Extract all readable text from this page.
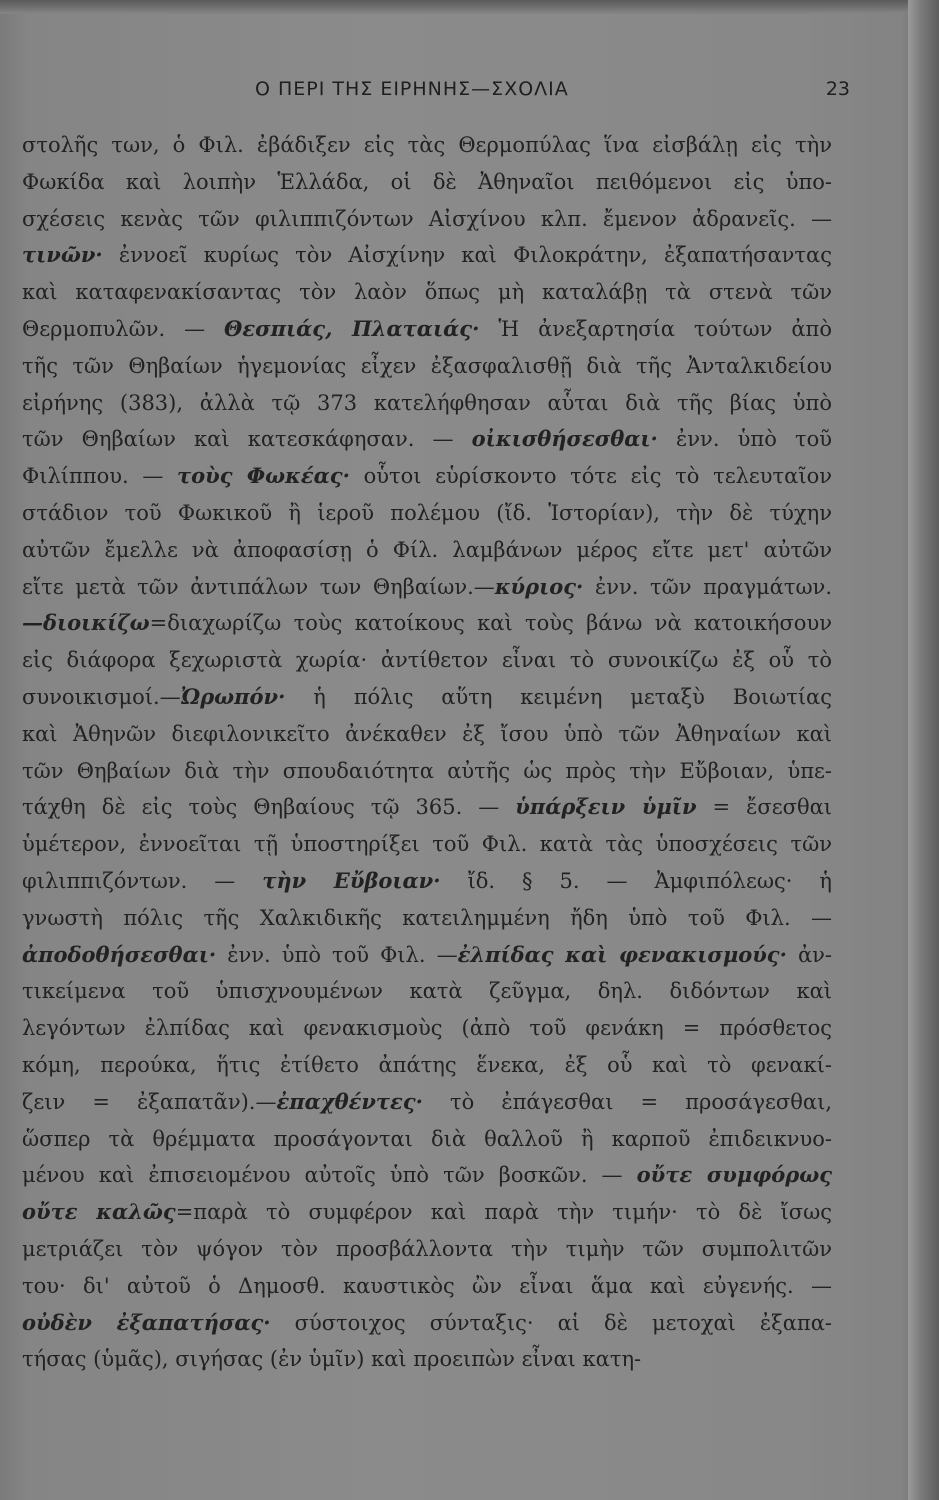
Ο ΠΕΡΙ ΤΗΣ ΕΙΡΗΝΗΣ—ΣΧΟΛΙΑ	23
στολῆς των, ὁ Φιλ. ἐβάδιξεν εἰς τὰς Θερμοπύλας ἵνα εἰσβάλῃ εἰς τὴν
Φωκίδα καὶ λοιπὴν Ἑλλάδα, οἱ δὲ Ἀθηναῖοι πειθόμενοι εἰς ὑπο-
σχέσεις κενὰς τῶν φιλιππιζόντων Αἰσχίνου κλπ. ἔμενον ἀδρανεῖς. —
τινῶν· ἐννοεῖ κυρίως τὸν Αἰσχίνην καὶ Φιλοκράτην, ἐξαπατήσαντας
καὶ καταφενακίσαντας τὸν λαὸν ὅπως μὴ καταλάβῃ τὰ στενὰ τῶν
Θερμοπυλῶν. — Θεσπιάς, Πλαταιάς· Ἡ ἀνεξαρτησία τούτων ἀπὸ
τῆς τῶν Θηβαίων ἡγεμονίας εἶχεν ἐξασφαλισθῇ διὰ τῆς Ἀνταλκιδείου
εἰρήνης (383), ἀλλὰ τῷ 373 κατελήφθησαν αὗται διὰ τῆς βίας ὑπὸ
τῶν Θηβαίων καὶ κατεσκάφησαν. — οἰκισθήσεσθαι· ἐνν. ὑπὸ τοῦ
Φιλίππου. — τοὺς Φωκέας· οὗτοι εὑρίσκοντο τότε εἰς τὸ τελευταῖον
στάδιον τοῦ Φωκικοῦ ἢ ἱεροῦ πολέμου (ἴδ. Ἱστορίαν), τὴν δὲ τύχην
αὐτῶν ἔμελλε νὰ ἀποφασίσῃ ὁ Φίλ. λαμβάνων μέρος εἴτε μετ' αὐτῶν
εἴτε μετὰ τῶν ἀντιπάλων των Θηβαίων.—κύριος· ἐνν. τῶν πραγμάτων.
—διοικίζω=διαχωρίζω τοὺς κατοίκους καὶ τοὺς βάνω νὰ κατοικήσουν
εἰς διάφορα ξεχωριστὰ χωρία· ἀντίθετον εἶναι τὸ συνοικίζω ἐξ οὗ τὸ
συνοικισμοί.—Ὠρωπόν· ἡ πόλις αὕτη κειμένη μεταξὺ Βοιωτίας
καὶ Ἀθηνῶν διεφιλονικεῖτο ἀνέκαθεν ἐξ ἴσου ὑπὸ τῶν Ἀθηναίων καὶ
τῶν Θηβαίων διὰ τὴν σπουδαιότητα αὐτῆς ὡς πρὸς τὴν Εὔβοιαν, ὑπε-
τάχθη δὲ εἰς τοὺς Θηβαίους τῷ 365. — ὑπάρξειν ὑμῖν = ἔσεσθαι
ὑμέτερον, ἐννοεῖται τῇ ὑποστηρίξει τοῦ Φιλ. κατὰ τὰς ὑποσχέσεις τῶν
φιλιππιζόντων. — τὴν Εὔβοιαν· ἴδ. § 5. — Ἀμφιπόλεως· ἡ
γνωστὴ πόλις τῆς Χαλκιδικῆς κατειλημμένη ἤδη ὑπὸ τοῦ Φιλ. —
ἀποδοθήσεσθαι· ἐνν. ὑπὸ τοῦ Φιλ. —ἐλπίδας καὶ φενακισμούς· ἀν-
τικείμενα τοῦ ὑπισχνουμένων κατὰ ζεῦγμα, δηλ. διδόντων καὶ
λεγόντων ἐλπίδας καὶ φενακισμοὺς (ἀπὸ τοῦ φενάκη = πρόσθετος
κόμη, περούκα, ἥτις ἐτίθετο ἀπάτης ἕνεκα, ἐξ οὗ καὶ τὸ φενακί-
ζειν = ἐξαπατᾶν).—ἐπαχθέντες· τὸ ἐπάγεσθαι = προσάγεσθαι,
ὥσπερ τὰ θρέμματα προσάγονται διὰ θαλλοῦ ἢ καρποῦ ἐπιδεικνυο-
μένου καὶ ἐπισειομένου αὐτοῖς ὑπὸ τῶν βοσκῶν. — οὔτε συμφόρως
οὔτε καλῶς=παρὰ τὸ συμφέρον καὶ παρὰ τὴν τιμήν· τὸ δὲ ἴσως
μετριάζει τὸν ψόγον τὸν προσβάλλοντα τὴν τιμὴν τῶν συμπολιτῶν
του· δι' αὐτοῦ ὁ Δημοσθ. καυστικὸς ὢν εἶναι ἅμα καὶ εὐγενής. —
οὐδὲν ἐξαπατήσας· σύστοιχος σύνταξις· αἱ δὲ μετοχαὶ ἐξαπα-
τήσας (ὑμᾶς), σιγήσας (ἐν ὑμῖν) καὶ προειπὼν εἶναι κατη-
